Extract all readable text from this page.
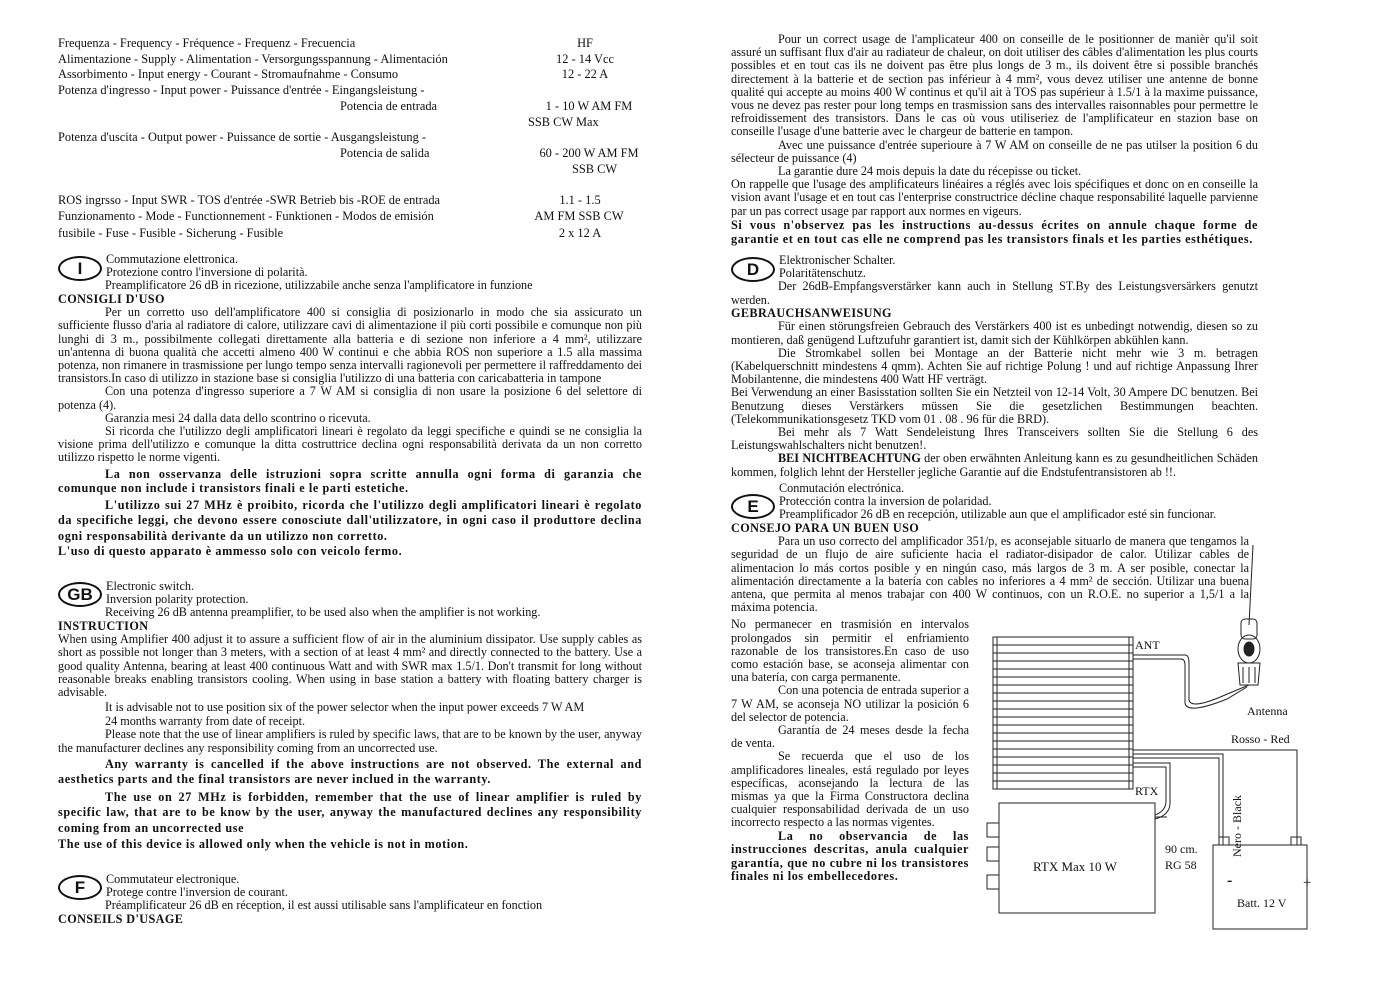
Frequenza - Frequency - Fréquence - Frequenz - Frecuencia	HF
Alimentazione - Supply - Alimentation - Versorgungsspannung - Alimentación	12 - 14 Vcc
Assorbimento - Input energy - Courant - Stromaufnahme - Consumo	12 - 22 A
Potenza d'ingresso - Input power - Puissance d'entrée - Eingangsleistung -
Potencia de entrada	1 - 10 W AM FM
SSB CW Max
Potenza d'uscita - Output power - Puissance de sortie - Ausgangsleistung -
Potencia de salida	60 - 200 W AM FM
SSB CW
ROS ingrsso - Input SWR - TOS d'entrée -SWR Betrieb bis -ROE de entrada	1.1 - 1.5
Funzionamento - Mode - Functionnement - Funktionen - Modos de emisión	AM FM SSB CW
fusibile - Fuse - Fusible - Sicherung - Fusible	2 x 12 A
I	Commutazione elettronica.
Protezione contro l'inversione di polarità.
Preamplificatore 26 dB in ricezione, utilizzabile anche senza l'amplificatore in funzione
CONSIGLI D'USO

Per un corretto uso dell'amplificatore 400 si consiglia di posizionarlo in modo che sia assicurato un sufficiente flusso d'aria al radiatore di calore, utilizzare cavi di alimentazione il più corti possibile e comunque non più lunghi di 3 m., possibilmente collegati direttamente alla batteria e di sezione non inferiore a 4 mm², utilizzare un'antenna di buona qualità che accetti almeno 400 W continui e che abbia ROS non superiore a 1.5 alla massima potenza, non rimanere in trasmissione per lungo tempo senza intervalli ragionevoli per permettere il raffreddamento dei transistors.In caso di utilizzo in stazione base si consiglia l'utilizzo di una batteria con caricabatteria in tampone

Con una potenza d'ingresso superiore a 7 W AM si consiglia di non usare la posizione 6 del selettore di potenza (4).

Garanzia mesi 24 dalla data dello scontrino o ricevuta.

Si ricorda che l'utilizzo degli amplificatori lineari è regolato da leggi specifiche e quindi se ne consiglia la visione prima dell'utilizzo e comunque la ditta costruttrice declina ogni responsabilità derivata da un non corretto utilizzo rispetto le norme vigenti.

La non osservanza delle istruzioni sopra scritte annulla ogni forma di garanzia che comunque non include i transistors finali e le parti estetiche.

L'utilizzo sui 27 MHz è proibito, ricorda che l'utilizzo degli amplificatori lineari è regolato da specifiche leggi, che devono essere conosciute dall'utilizzatore, in ogni caso il produttore declina ogni responsabilità derivante da un utilizzo non corretto.

L'uso di questo apparato è ammesso solo con veicolo fermo.

GB	Electronic switch.
Inversion polarity protection.
Receiving 26 dB antenna preamplifier, to be used also when the amplifier is not working.
INSTRUCTION

When using Amplifier 400 adjust it to assure a sufficient flow of air in the aluminium dissipator. Use supply cables as short as possible not longer than 3 meters, with a section of at least 4 mm² and directly connected to the battery. Use a good quality Antenna, bearing at least 400 continuous Watt and with SWR max 1.5/1. Don't transmit for long without reasonable breaks enabling transistors cooling. When using in base station a battery with floating battery charger is advisable.

It is advisable not to use position six of the power selector when the input power exceeds 7 W AM

24 months warranty from date of receipt.

Please note that the use of linear amplifiers is ruled by specific laws, that are to be known by the user, anyway the manufacturer declines any responsibility coming from an uncorrected use.

Any warranty is cancelled if the above instructions are not observed. The external and aesthetics parts and the final transistors are never inclued in the warranty.

The use on 27 MHz is forbidden, remember that the use of linear amplifier is ruled by specific law, that are to be know by the user, anyway the manufactured declines any responsibility coming from an uncorrected use

The use of this device is allowed only when the vehicle is not in motion.

F	Commutateur electronique.
Protege contre l'inversion de courant.
Préamplificateur 26 dB en réception, il est aussi utilisable sans l'amplificateur en fonction
CONSEILS D'USAGE

Pour un correct usage de l'amplicateur 400 on conseille de le positionner de manièr qu'il soit assuré un suffisant flux d'air au radiateur de chaleur, on doit utiliser des câbles d'alimentation les plus courts possibles et en tout cas ils ne doivent pas être plus longs de 3 m., ils doivent être si possible branchés directement à la batterie et de section pas inférieur à 4 mm², vous devez utiliser une antenne de bonne qualité qui accepte au moins 400 W continus et qu'il ait à TOS pas supérieur à 1.5/1 à la maxime puissance, vous ne devez pas rester pour long temps en trasmission sans des intervalles raisonnables pour permettre le refroidissement des transistors. Dans le cas où vous utiliseriez de l'amplificateur en stazion base on conseille l'usage d'une batterie avec le chargeur de batterie en tampon.

Avec une puissance d'entrée superioure à 7 W AM on conseille de ne pas utilser la position 6 du sélecteur de puissance (4)

La garantie dure 24 mois depuis la date du récepisse ou ticket.

On rappelle que l'usage des amplificateurs linéaires a réglés avec lois spécifiques et donc on en conseille la vision avant l'usage et en tout cas l'enterprise constructrice décline chaque responsabilité laquelle parvienne par un pas correct usage par rapport aux normes en vigeurs.

Si vous n'observez pas les instructions au-dessus écrites on annule chaque forme de garantie et en tout cas elle ne comprend pas les transistors finals et les parties esthétiques.

D	Elektronischer Schalter.
Polaritätenschutz.

Der 26dB-Empfangsverstärker kann auch in Stellung ST.By des Leistungsversärkers genutzt werden.

GEBRAUCHSANWEISUNG

Für einen störungsfreien Gebrauch des Verstärkers 400 ist es unbedingt notwendig, diesen so zu montieren, daß genügend Luftzufuhr garantiert ist, damit sich der Kühlkörpen abkühlen kann.

Die Stromkabel sollen bei Montage an der Batterie nicht mehr wie 3 m. betragen (Kabelquerschnitt mindestens 4 qmm). Achten Sie auf richtige Polung ! und auf richtige Anpassung Ihrer Mobilantenne, die mindestens 400 Watt HF verträgt.

Bei Verwendung an einer Basisstation sollten Sie ein Netzteil von 12-14 Volt, 30 Ampere DC benutzen. Bei Benutzung dieses Verstärkers müssen Sie die gesetzlichen Bestimmungen beachten. (Telekommunikationsgesetz TKD vom 01 . 08 . 96 für die BRD).

Bei mehr als 7 Watt Sendeleistung Ihres Transceivers sollten Sie die Stellung 6 des Leistungswahlschalters nicht benutzen!.

BEI NICHTBEACHTUNG der oben erwähnten Anleitung kann es zu gesundheitlichen Schäden kommen, folglich lehnt der Hersteller jegliche Garantie auf die Endstufentransistoren ab !!.

E
Conmutación electrónica.
Protección contra la inversion de polaridad.

Preamplificador 26 dB en recepción, utilizable aun que el amplificador esté sin funcionar.

CONSEJO PARA UN BUEN USO

Para un uso correcto del amplificador 351/p, es aconsejable situarlo de manera que tengamos la seguridad de un flujo de aire suficiente hacia el radiator-disipador de calor. Utilizar cables de alimentacion lo más cortos posible y en ningún caso, más largos de 3 m. A ser posible, conectar la alimentación directamente a la batería con cables no inferiores a 4 mm² de sección. Utilizar una buena antena, que permita al menos trabajar con 400 W continuos, con un R.O.E. no superior a 1,5/1 a la máxima potencia.

No permanecer en trasmisión en intervalos prolongados sin permitir el enfriamiento razonable de los transistores.En caso de uso como estación base, se aconseja alimentar con una batería, con carga permanente.

Con una potencia de entrada superior a 7 W AM, se aconseja NO utilizar la posición 6 del selector de potencia.

Garantía de 24 meses desde la fecha de venta.

Se recuerda que el uso de los amplificadores lineales, está regulado por leyes específicas, aconsejando la lectura de las mismas ya que la Firma Constructora declina cualquier responsabilidad derivada de un uso incorrecto respecto a las normas vigentes.

La no observancia de las instrucciones descritas, anula cualquier garantía, que no cubre ni los transistores finales ni los embellecedores.

ANT
Antenna
Rosso - Red
RTX
Nero - Black
RTX Max 10 W
90 cm.
RG 58
-	+
Batt. 12 V
